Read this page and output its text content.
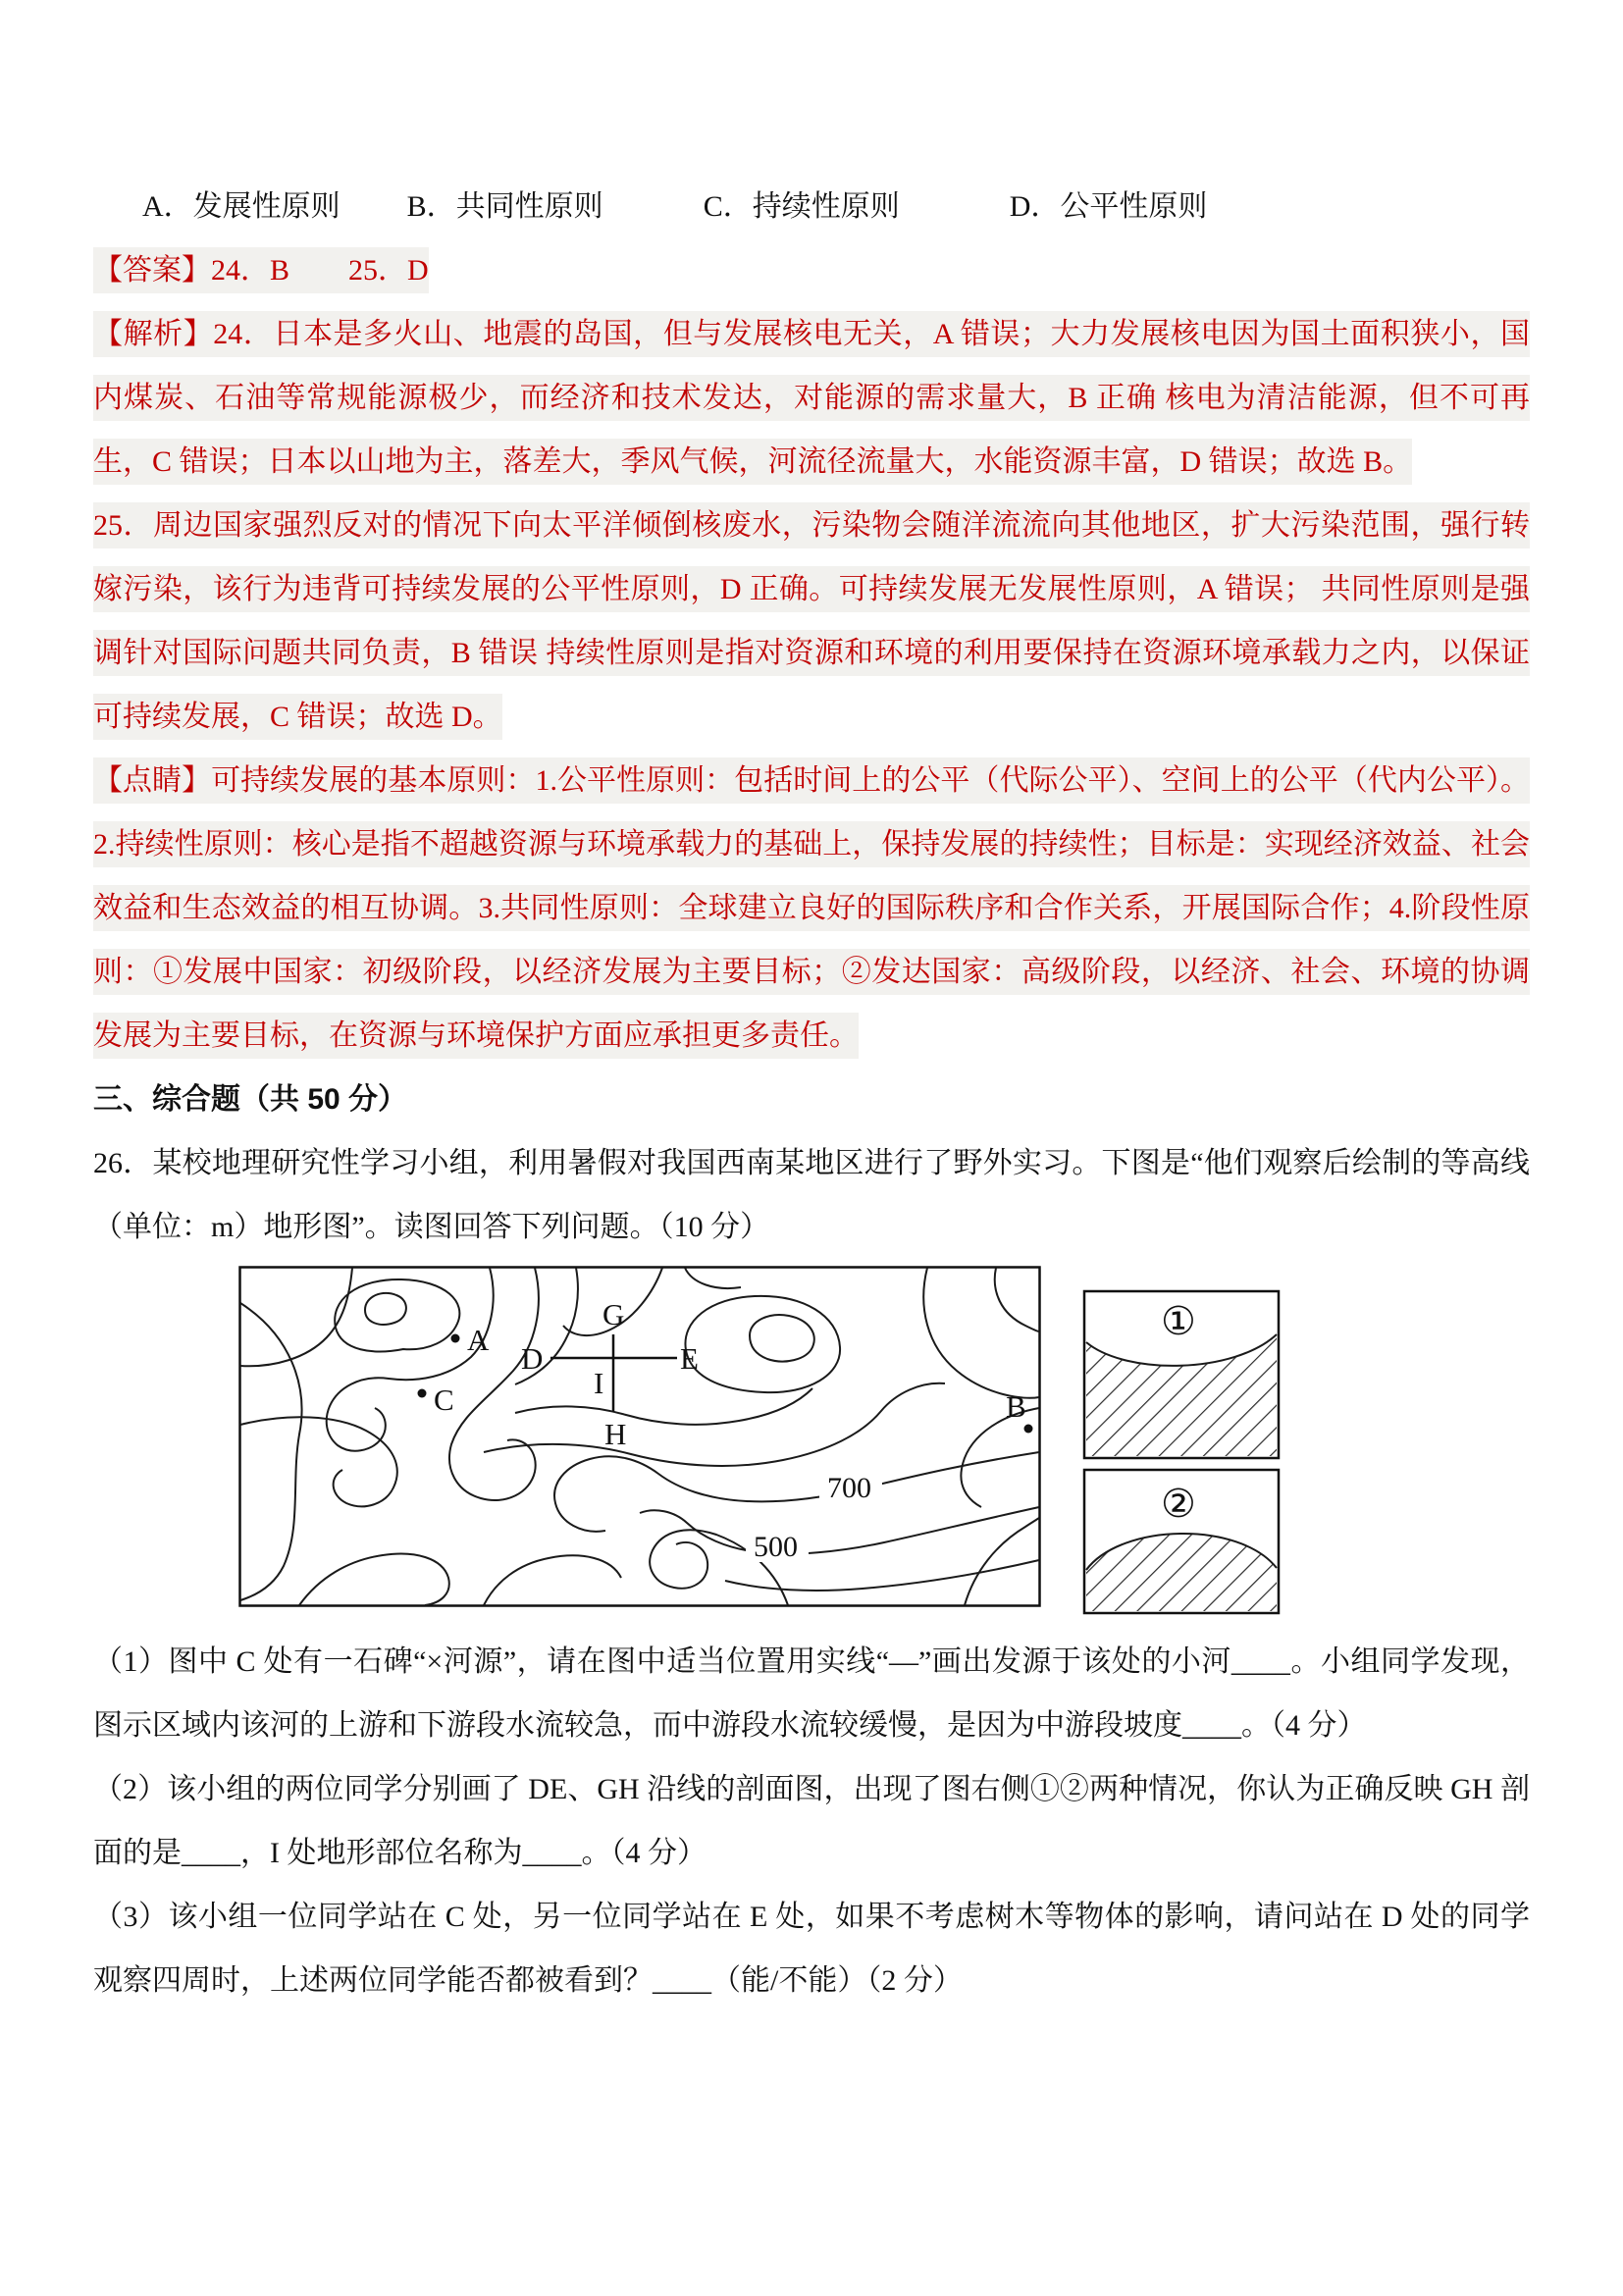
A．发展性原则 B．共同性原则	C．持续性原则	D．公平性原则

【答案】24．B　　25．D

【解析】24．日本是多火山、地震的岛国，但与发展核电无关，A 错误；大力发展核电因为国土面积狭小，国内煤炭、石油等常规能源极少，而经济和技术发达，对能源的需求量大，B 正确 核电为清洁能源，但不可再生，C 错误；日本以山地为主，落差大，季风气候，河流径流量大，水能资源丰富，D 错误；故选 B。

25．周边国家强烈反对的情况下向太平洋倾倒核废水，污染物会随洋流流向其他地区，扩大污染范围，强行转嫁污染，该行为违背可持续发展的公平性原则，D 正确。可持续发展无发展性原则，A 错误； 共同性原则是强调针对国际问题共同负责，B 错误 持续性原则是指对资源和环境的利用要保持在资源环境承载力之内，以保证可持续发展，C 错误；故选 D。

【点睛】可持续发展的基本原则：1.公平性原则：包括时间上的公平（代际公平）、空间上的公平（代内公平）。2.持续性原则：核心是指不超越资源与环境承载力的基础上，保持发展的持续性；目标是：实现经济效益、社会效益和生态效益的相互协调。3.共同性原则：全球建立良好的国际秩序和合作关系，开展国际合作；4.阶段性原则：①发展中国家：初级阶段，以经济发展为主要目标；②发达国家：高级阶段，以经济、社会、环境的协调发展为主要目标，在资源与环境保护方面应承担更多责任。

三、综合题（共 50 分）

26．某校地理研究性学习小组，利用暑假对我国西南某地区进行了野外实习。下图是“他们观察后绘制的等高线（单位：m）地形图”。读图回答下列问题。（10 分）

700
500
A
C	B
D	E
G
H
I
①
②

（1）图中 C 处有一石碑“×河源”，请在图中适当位置用实线“—”画出发源于该处的小河____。小组同学发现，图示区域内该河的上游和下游段水流较急，而中游段水流较缓慢，是因为中游段坡度____。（4 分）

（2）该小组的两位同学分别画了 DE、GH 沿线的剖面图，出现了图右侧①②两种情况，你认为正确反映 GH 剖面的是____，I 处地形部位名称为____。（4 分）

（3）该小组一位同学站在 C 处，另一位同学站在 E 处，如果不考虑树木等物体的影响，请问站在 D 处的同学观察四周时，上述两位同学能否都被看到？____（能/不能）（2 分）
